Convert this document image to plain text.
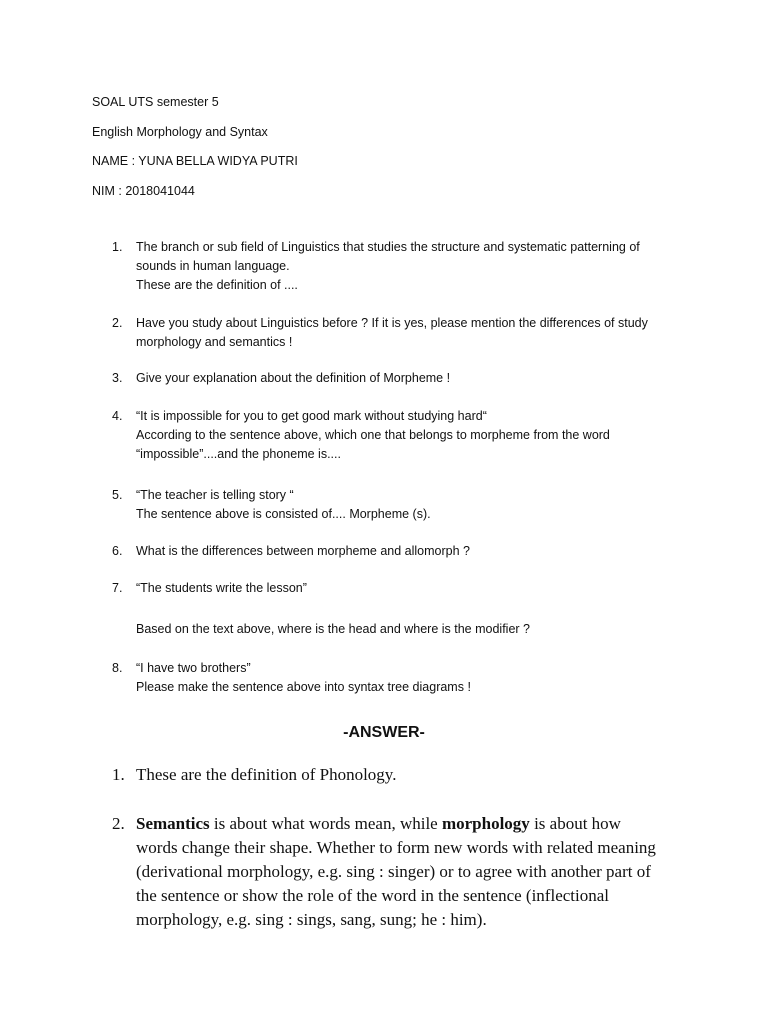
SOAL UTS semester 5
English Morphology and Syntax
NAME : YUNA BELLA WIDYA PUTRI
NIM : 2018041044
1. The branch or sub field of Linguistics that studies the structure and systematic patterning of
sounds in human language.
These are the definition of ....
2. Have you study about Linguistics before ? If it is yes, please mention the differences of study
morphology and semantics !
3. Give your explanation about the definition of Morpheme !
4. “It is impossible for you to get good mark without studying hard“
According to the sentence above, which one that belongs to morpheme from the word
“impossible”....and the phoneme is....
5. “The teacher is telling story “
The sentence above is consisted of.... Morpheme (s).
6. What is the differences between morpheme and allomorph ?
7. “The students write the lesson”
Based on the text above, where is the head and where is the modifier ?
8. “I have two brothers”
Please make the sentence above into syntax tree diagrams !
-ANSWER-
1. These are the definition of Phonology.
2. Semantics is about what words mean, while morphology is about how
words change their shape. Whether to form new words with related meaning
(derivational morphology, e.g. sing : singer) or to agree with another part of
the sentence or show the role of the word in the sentence (inflectional
morphology, e.g. sing : sings, sang, sung; he : him).
